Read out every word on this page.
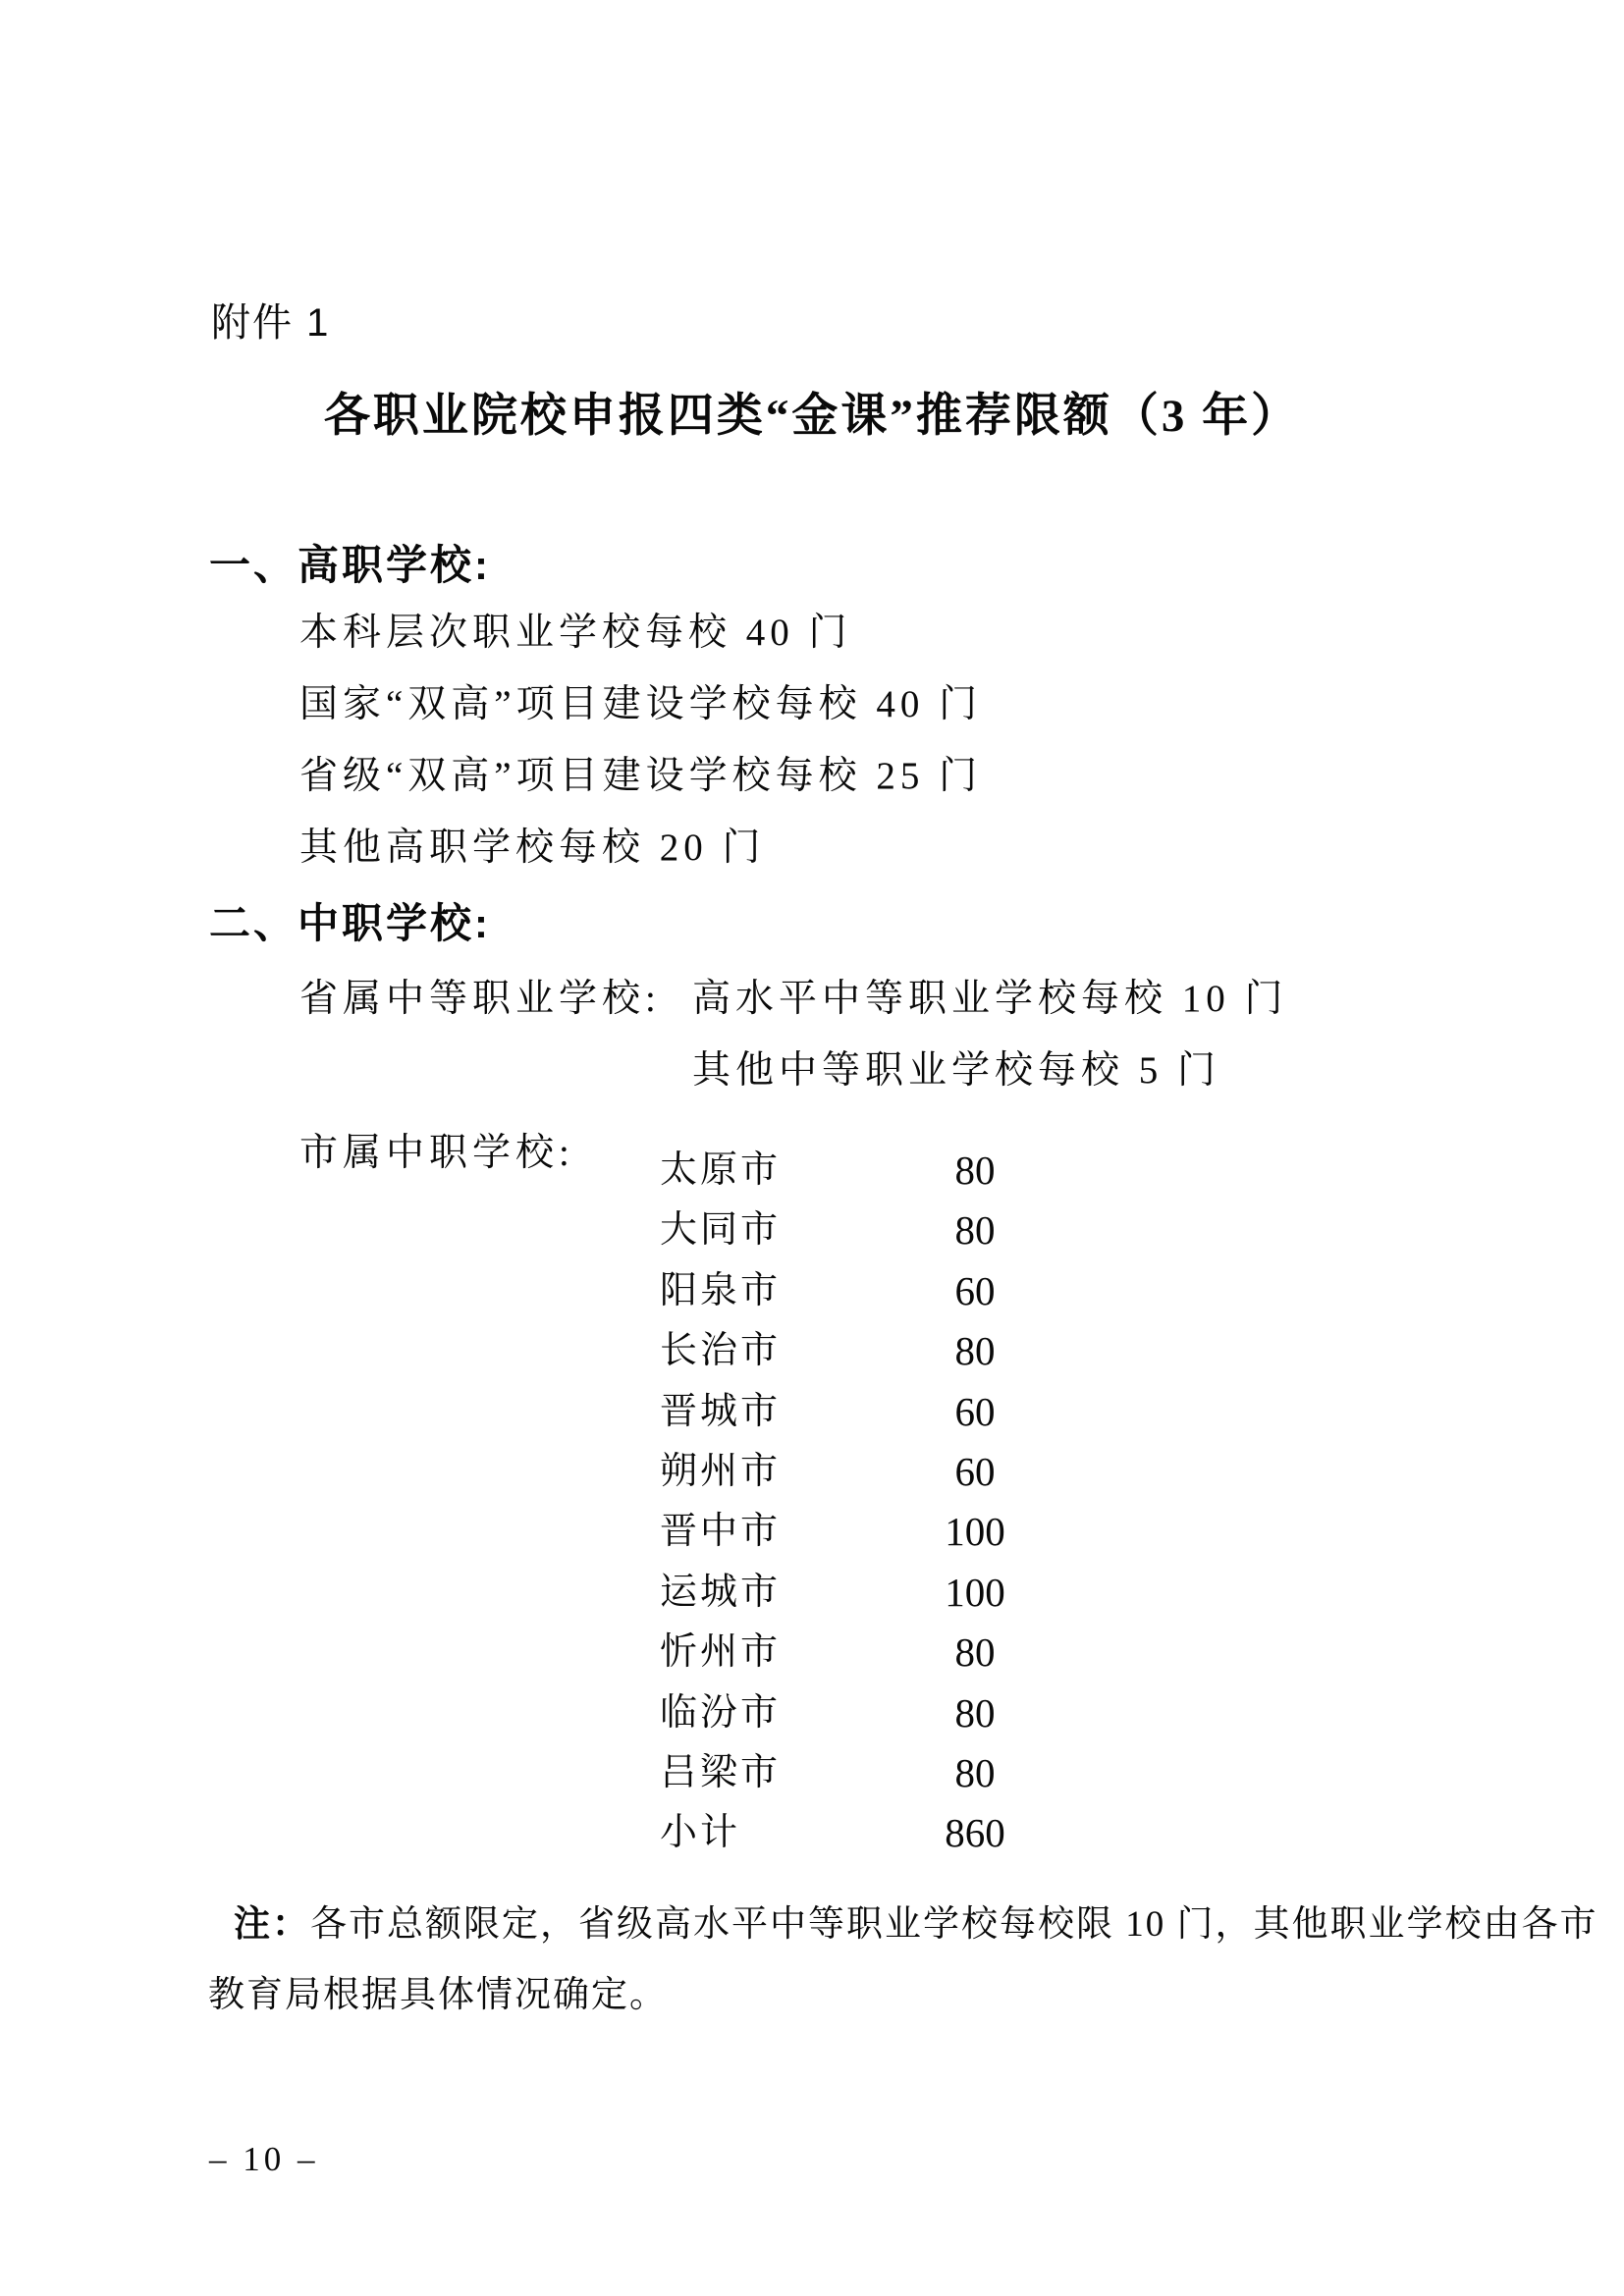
附件 1
各职业院校申报四类“金课”推荐限额（3 年）
一、高职学校:
本科层次职业学校每校 40 门
国家“双高”项目建设学校每校 40 门
省级“双高”项目建设学校每校 25 门
其他高职学校每校 20 门
二、中职学校:
省属中等职业学校: 高水平中等职业学校每校 10 门
其他中等职业学校每校 5 门
市属中职学校: 太原市	80
大同市	80
阳泉市	60
长治市	80
晋城市	60
朔州市	60
晋中市	100
运城市	100
忻州市	80
临汾市	80
吕梁市	80
小计	860
注：各市总额限定，省级高水平中等职业学校每校限 10 门，其他职业学校由各市
教育局根据具体情况确定。
– 10 –
